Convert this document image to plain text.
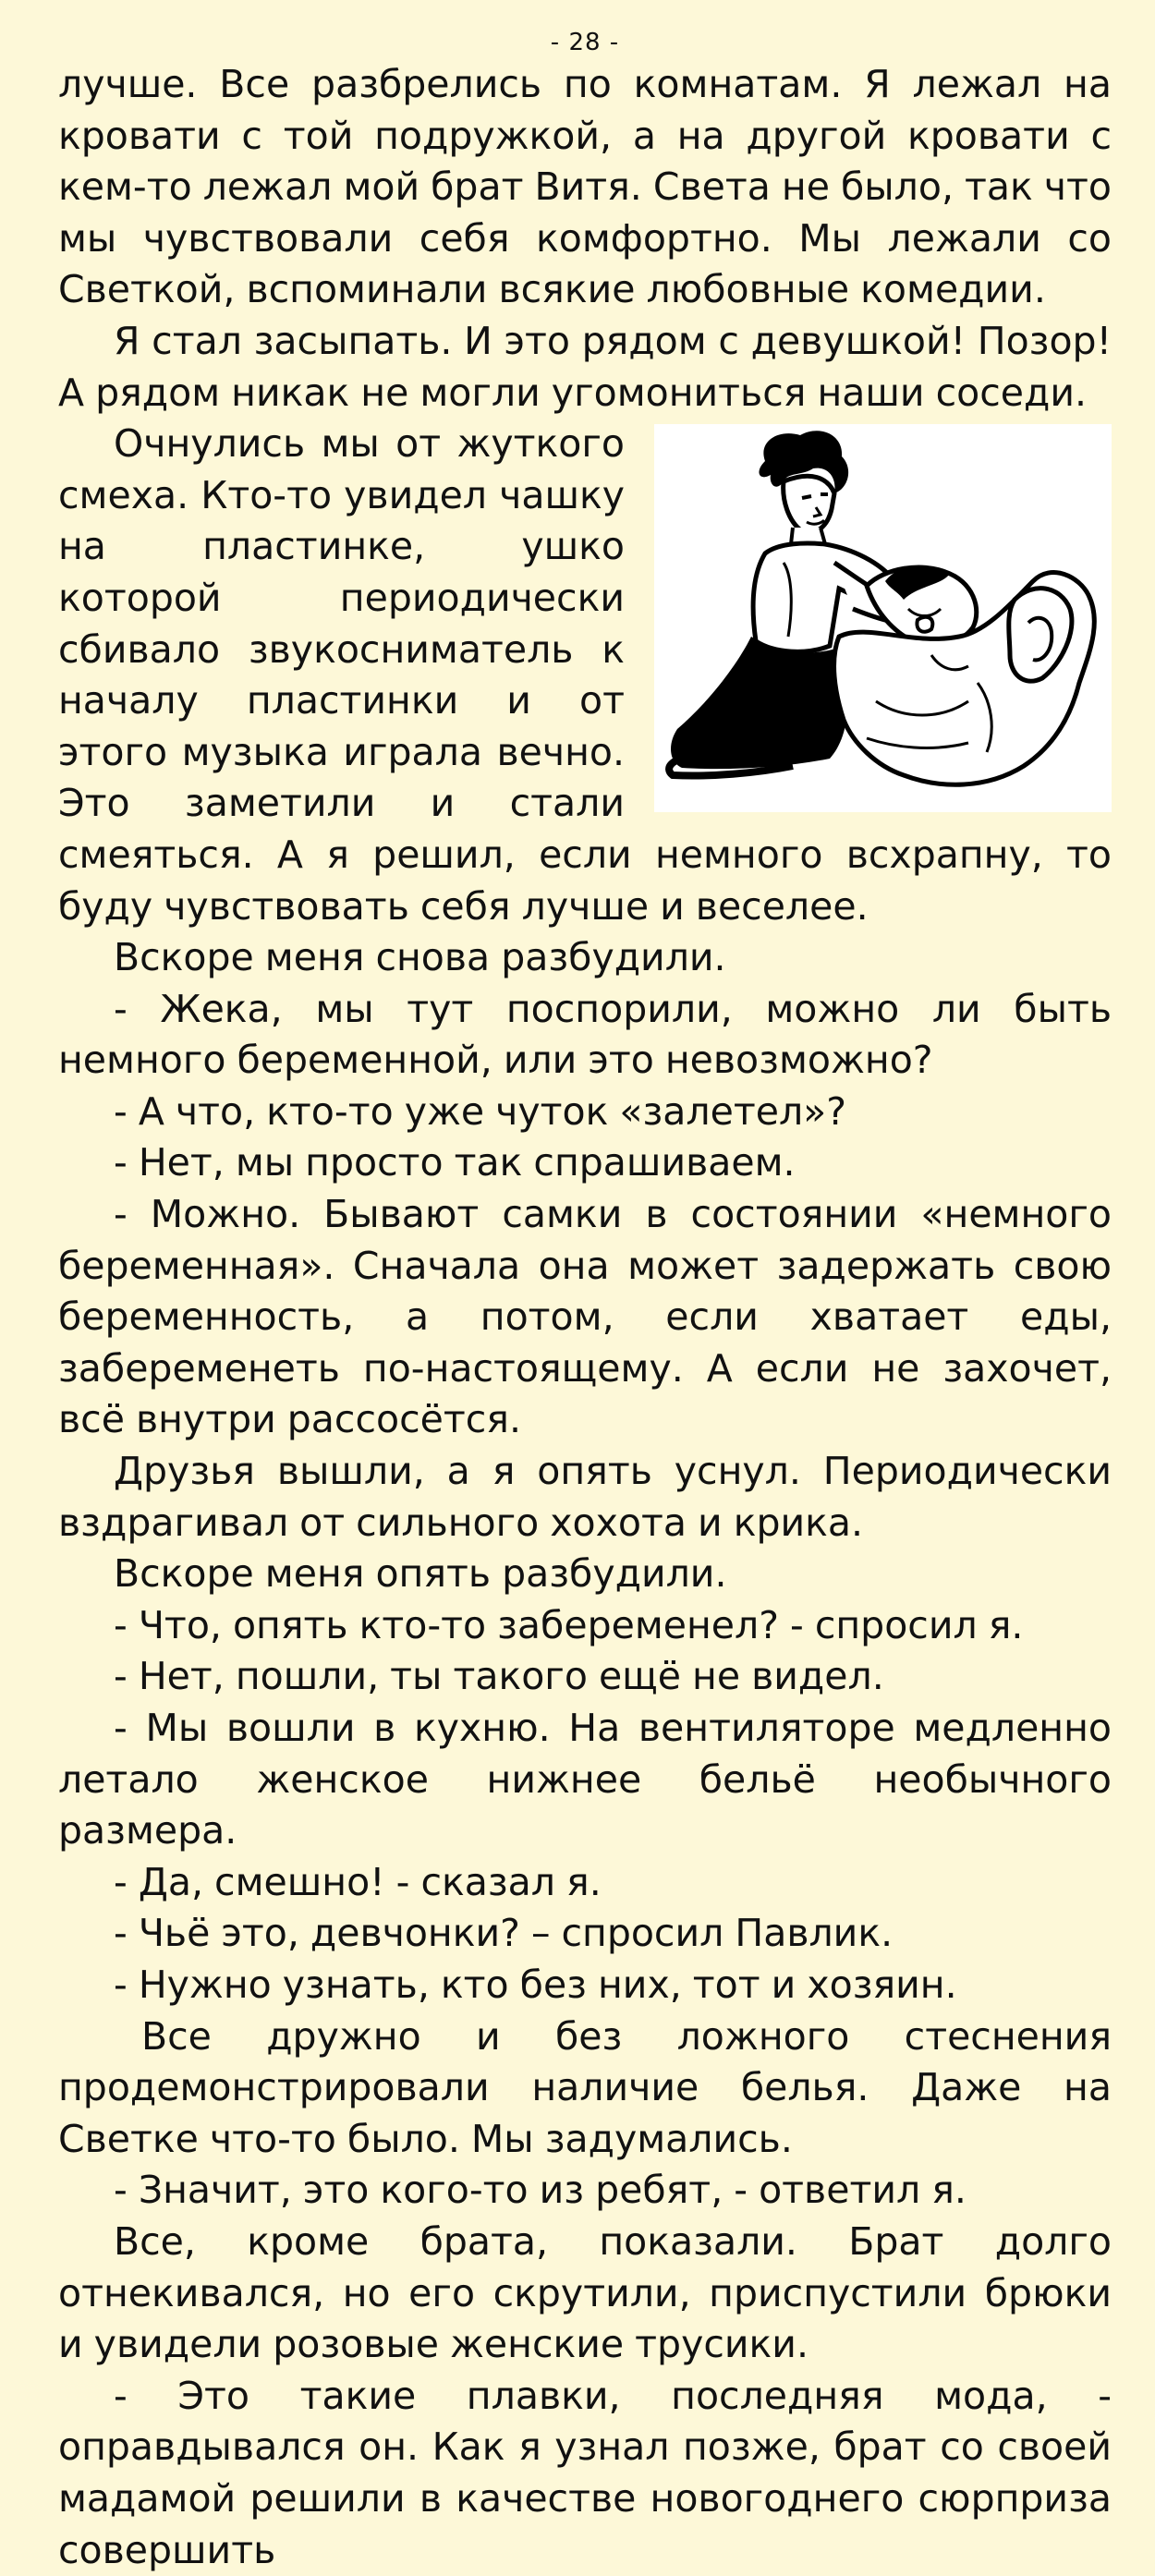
- 28 -

лучше. Все разбрелись по комнатам. Я лежал на кровати с той подружкой, а на другой кровати с кем-то лежал мой брат Витя. Света не было, так что мы чувствовали себя комфортно. Мы лежали со Светкой, вспоминали всякие любовные комедии.

Я стал засыпать. И это рядом с девушкой! Позор! А рядом никак не могли угомониться наши соседи.

Очнулись мы от жуткого смеха. Кто-то увидел чашку на пластинке, ушко которой периодически сбивало звукосниматель к началу пластинки и от этого музыка играла вечно. Это заметили и стали смеяться. А я решил, если немного всхрапну, то буду чувствовать себя лучше и веселее.

Вскоре меня снова разбудили.

- Жека, мы тут поспорили, можно ли быть немного беременной, или это невозможно?

- А что, кто-то уже чуток «залетел»?

- Нет, мы просто так спрашиваем.

- Можно. Бывают самки в состоянии «немного беременная». Сначала она может задержать свою беременность, а потом, если хватает еды, забеременеть по-настоящему. А если не захочет, всё внутри рассосётся.

Друзья вышли, а я опять уснул. Периодически вздрагивал от сильного хохота и крика.

Вскоре меня опять разбудили.

- Что, опять кто-то забеременел? - спросил я.

- Нет, пошли, ты такого ещё не видел.

- Мы вошли в кухню. На вентиляторе медленно летало женское нижнее бельё необычного размера.

- Да, смешно! - сказал я.

- Чьё это, девчонки? – спросил Павлик.

- Нужно узнать, кто без них, тот и хозяин.

Все дружно и без ложного стеснения продемонстрировали наличие белья. Даже на Светке что-то было. Мы задумались.

- Значит, это кого-то из ребят, - ответил я.

Все, кроме брата, показали. Брат долго отнекивался, но его скрутили, приспустили брюки и увидели розовые женские трусики.

- Это такие плавки, последняя мода, - оправдывался он. Как я узнал позже, брат со своей мадамой решили в качестве новогоднего сюрприза совершить
